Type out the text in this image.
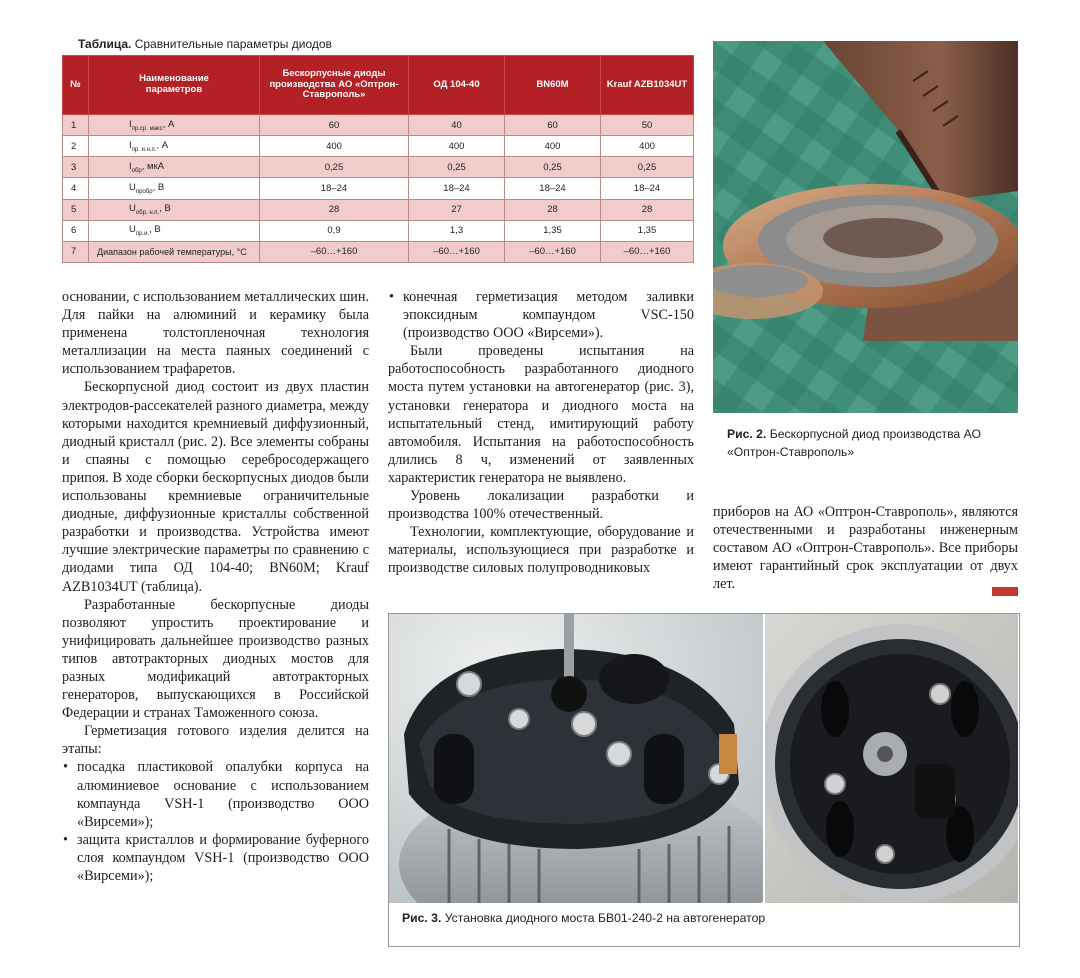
Таблица. Сравнительные параметры диодов
№	Наименование параметров	Бескорпусные диоды производства АО «Оптрон-Ставрополь»	ОД 104-40	BN60M	Krauf AZB1034UT
1	$I_{пр.ср. макс}$, А	60	40	60	50
2	$I_{пр. и.н.п.}$, А	400	400	400	400
3	$I_{обр}$, мкА	0,25	0,25	0,25	0,25
4	$U_{пробр}$, В	18–24	18–24	18–24	18–24
5	$U_{обр. н.п.}$, В	28	27	28	28
6	$U_{пр.и.}$, В	0,9	1,3	1,35	1,35
7	Диапазон рабочей температуры, °С	–60…+160	–60…+160	–60…+160	–60…+160
Рис. 2. Бескорпусной диод производства АО «Оптрон-Ставрополь»

основании, с использованием металлических шин. Для пайки на алюминий и керамику была применена толстопленочная технология металлизации на места паяных соединений с использованием трафаретов.

Бескорпусной диод состоит из двух пластин электродов-рассекателей разного диаметра, между которыми находится кремниевый диффузионный, диодный кристалл (рис. 2). Все элементы собраны и спаяны с помощью серебросодержащего припоя. В ходе сборки бескорпусных диодов были использованы кремниевые ограничительные диодные, диффузионные кристаллы собственной разработки и производства. Устройства имеют лучшие электрические параметры по сравнению с диодами типа ОД 104-40; BN60M; Krauf AZB1034UT (таблица).

Разработанные бескорпусные диоды позволяют упростить проектирование и унифицировать дальнейшее производство разных типов автотракторных диодных мостов для разных модификаций автотракторных генераторов, выпускающихся в Российской Федерации и странах Таможенного союза.

Герметизация готового изделия делится на этапы:

• посадка пластиковой опалубки корпуса на алюминиевое основание с использованием компаунда VSH-1 (производство ООО «Вирсеми»);
• защита кристаллов и формирование буферного слоя компаундом VSH-1 (производство ООО «Вирсеми»);
• конечная герметизация методом заливки эпоксидным компаундом VSC-150 (производство ООО «Вирсеми»).

Были проведены испытания на работоспособность разработанного диодного моста путем установки на автогенератор (рис. 3), установки генератора и диодного моста на испытательный стенд, имитирующий работу автомобиля. Испытания на работоспособность длились 8 ч, изменений от заявленных характеристик генератора не выявлено.

Уровень локализации разработки и производства 100% отечественный.

Технологии, комплектующие, оборудование и материалы, использующиеся при разработке и производстве силовых полупроводниковых

приборов на АО «Оптрон-Ставрополь», являются отечественными и разработаны инженерным составом АО «Оптрон-Ставрополь». Все приборы имеют гарантийный срок эксплуатации от двух лет.

Рис. 3. Установка диодного моста БВ01-240-2 на автогенератор
